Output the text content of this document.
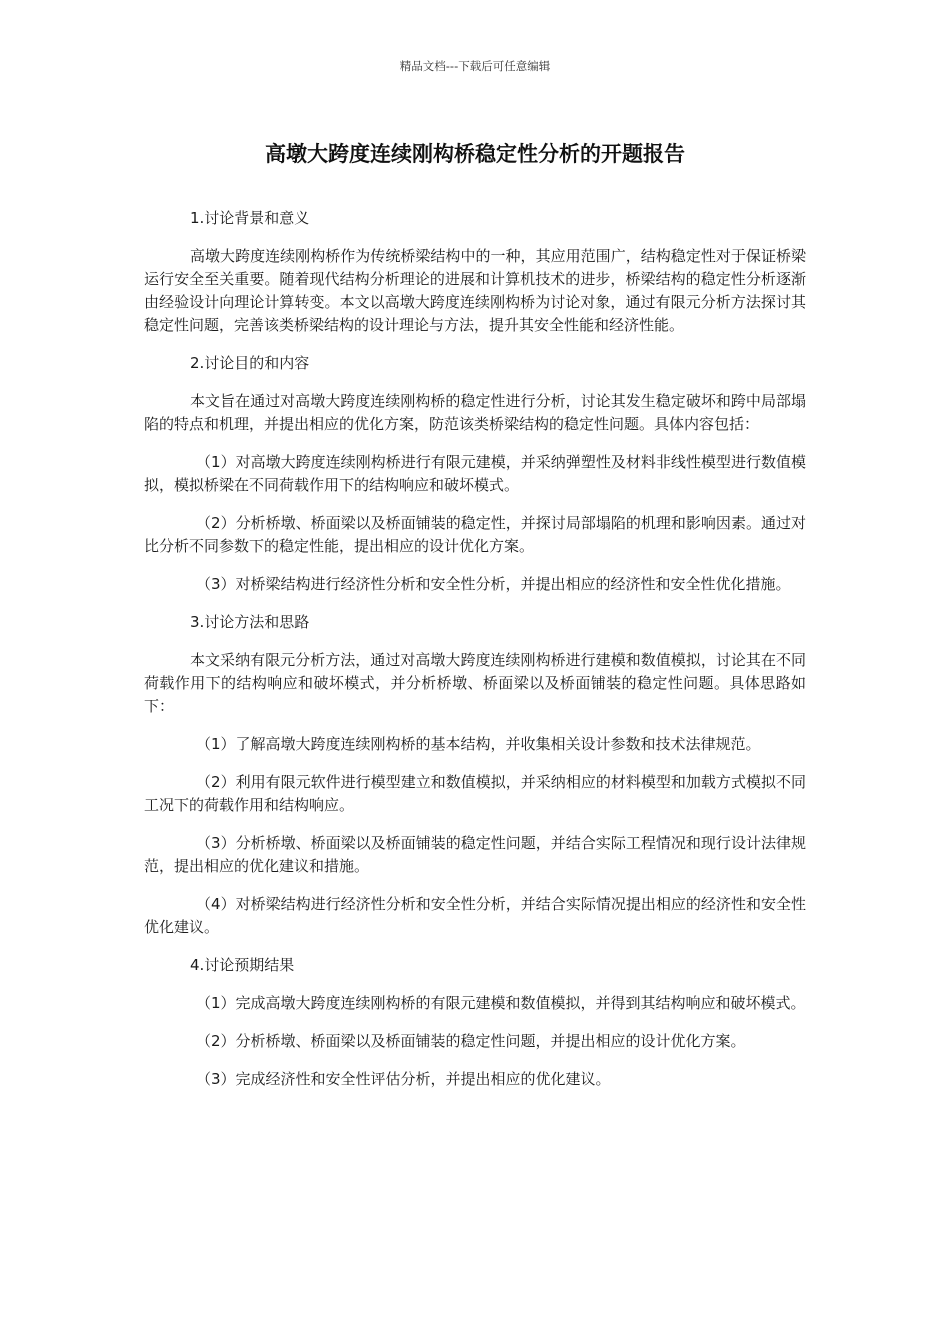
精品文档---下载后可任意编辑
高墩大跨度连续刚构桥稳定性分析的开题报告
1.讨论背景和意义
高墩大跨度连续刚构桥作为传统桥梁结构中的一种，其应用范围广，结构稳定性对于保证桥梁运行安全至关重要。随着现代结构分析理论的进展和计算机技术的进步，桥梁结构的稳定性分析逐渐由经验设计向理论计算转变。本文以高墩大跨度连续刚构桥为讨论对象，通过有限元分析方法探讨其稳定性问题，完善该类桥梁结构的设计理论与方法，提升其安全性能和经济性能。
2.讨论目的和内容
本文旨在通过对高墩大跨度连续刚构桥的稳定性进行分析，讨论其发生稳定破坏和跨中局部塌陷的特点和机理，并提出相应的优化方案，防范该类桥梁结构的稳定性问题。具体内容包括：
（1）对高墩大跨度连续刚构桥进行有限元建模，并采纳弹塑性及材料非线性模型进行数值模拟，模拟桥梁在不同荷载作用下的结构响应和破坏模式。
（2）分析桥墩、桥面梁以及桥面铺装的稳定性，并探讨局部塌陷的机理和影响因素。通过对比分析不同参数下的稳定性能，提出相应的设计优化方案。
（3）对桥梁结构进行经济性分析和安全性分析，并提出相应的经济性和安全性优化措施。
3.讨论方法和思路
本文采纳有限元分析方法，通过对高墩大跨度连续刚构桥进行建模和数值模拟，讨论其在不同荷载作用下的结构响应和破坏模式，并分析桥墩、桥面梁以及桥面铺装的稳定性问题。具体思路如下：
（1）了解高墩大跨度连续刚构桥的基本结构，并收集相关设计参数和技术法律规范。
（2）利用有限元软件进行模型建立和数值模拟，并采纳相应的材料模型和加载方式模拟不同工况下的荷载作用和结构响应。
（3）分析桥墩、桥面梁以及桥面铺装的稳定性问题，并结合实际工程情况和现行设计法律规范，提出相应的优化建议和措施。
（4）对桥梁结构进行经济性分析和安全性分析，并结合实际情况提出相应的经济性和安全性优化建议。
4.讨论预期结果
（1）完成高墩大跨度连续刚构桥的有限元建模和数值模拟，并得到其结构响应和破坏模式。
（2）分析桥墩、桥面梁以及桥面铺装的稳定性问题，并提出相应的设计优化方案。
（3）完成经济性和安全性评估分析，并提出相应的优化建议。
